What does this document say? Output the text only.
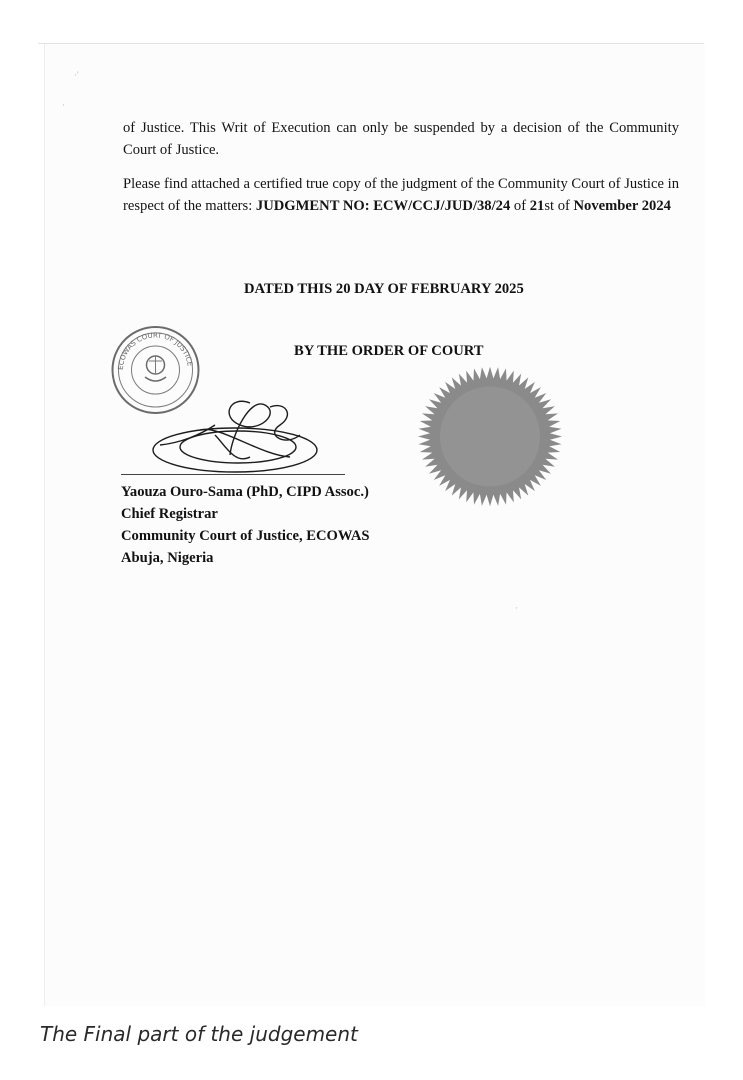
·'
·
·

of Justice. This Writ of Execution can only be suspended by a decision of the Community Court of Justice.

Please find attached a certified true copy of the judgment of the Community Court of Justice in respect of the matters: JUDGMENT NO: ECW/CCJ/JUD/38/24 of 21st of November 2024

DATED THIS 20 DAY OF FEBRUARY 2025
ECOWAS COURT OF JUSTICE
BY THE ORDER OF COURT
Yaouza Ouro-Sama (PhD, CIPD Assoc.)
Chief Registrar
Community Court of Justice, ECOWAS
Abuja, Nigeria
The Final part of the judgement
